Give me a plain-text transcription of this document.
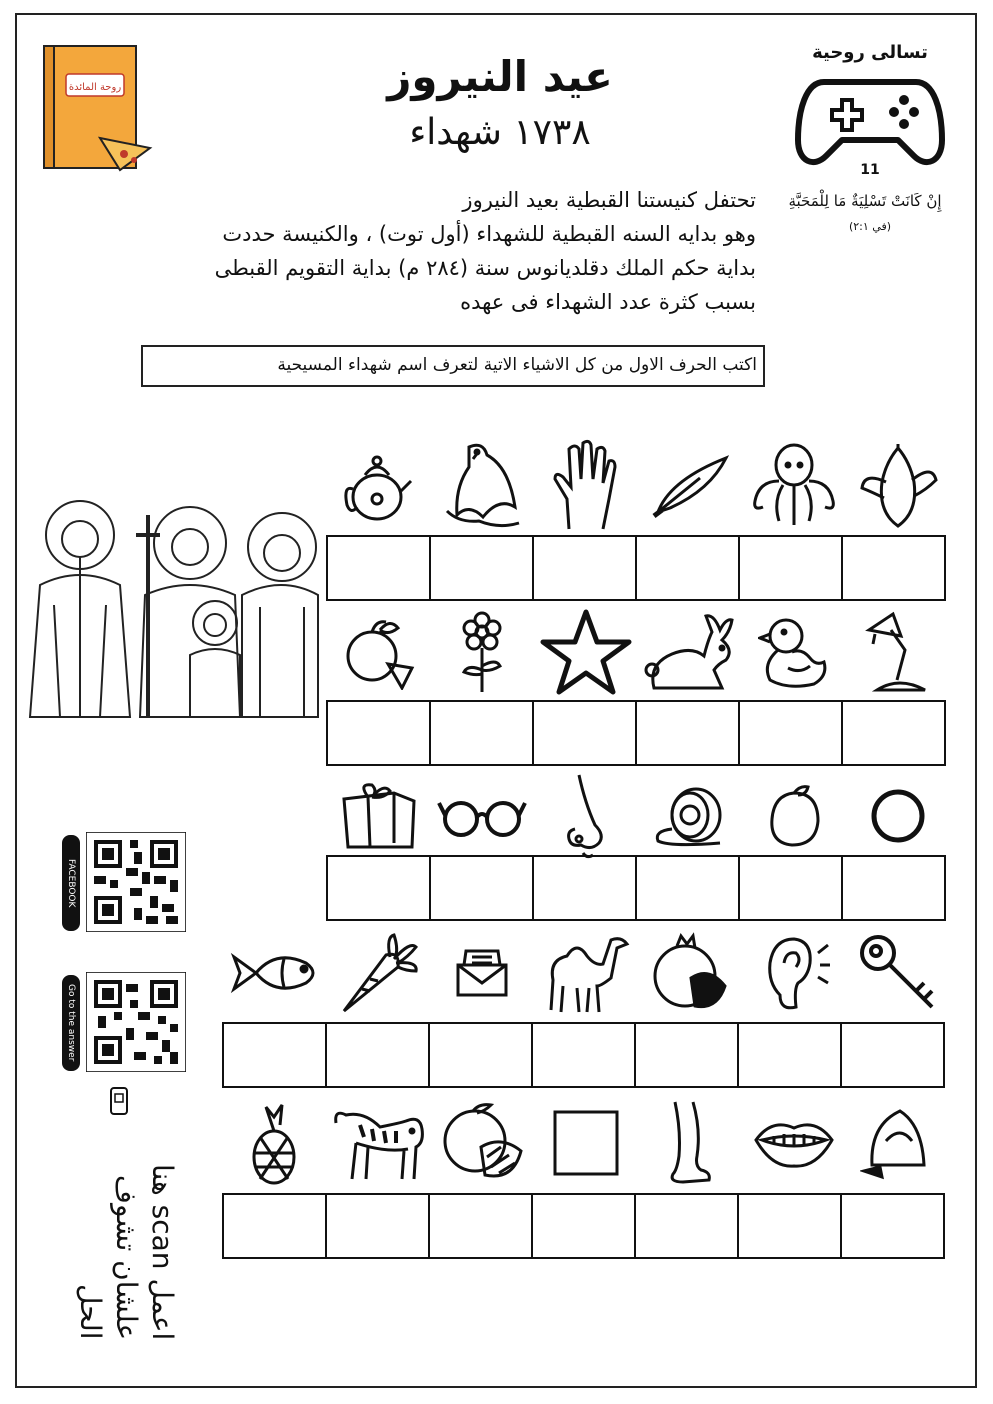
روحة المائدة	عيد النيروز
١٧٣٨ شهداء
تسالى روحية
11
إِنْ كَانَتْ تَسْلِيَةٌ مَا لِلْمَحَبَّةِ
(في ٢:١)
تحتفل كنيستنا القبطية بعيد النيروز
وهو بدايه السنه القبطية للشهداء (أول توت) ، والكنيسة حددت
بداية حكم الملك دقلديانوس سنة (٢٨٤ م) بداية التقويم القبطى
بسبب كثرة عدد الشهداء فى عهده
اكتب الحرف الاول من كل الاشياء الاتية لتعرف اسم شهداء المسيحية
FACEBOOK
Go to the answer
اعمل scan هنا
علشان تشوف الحل
